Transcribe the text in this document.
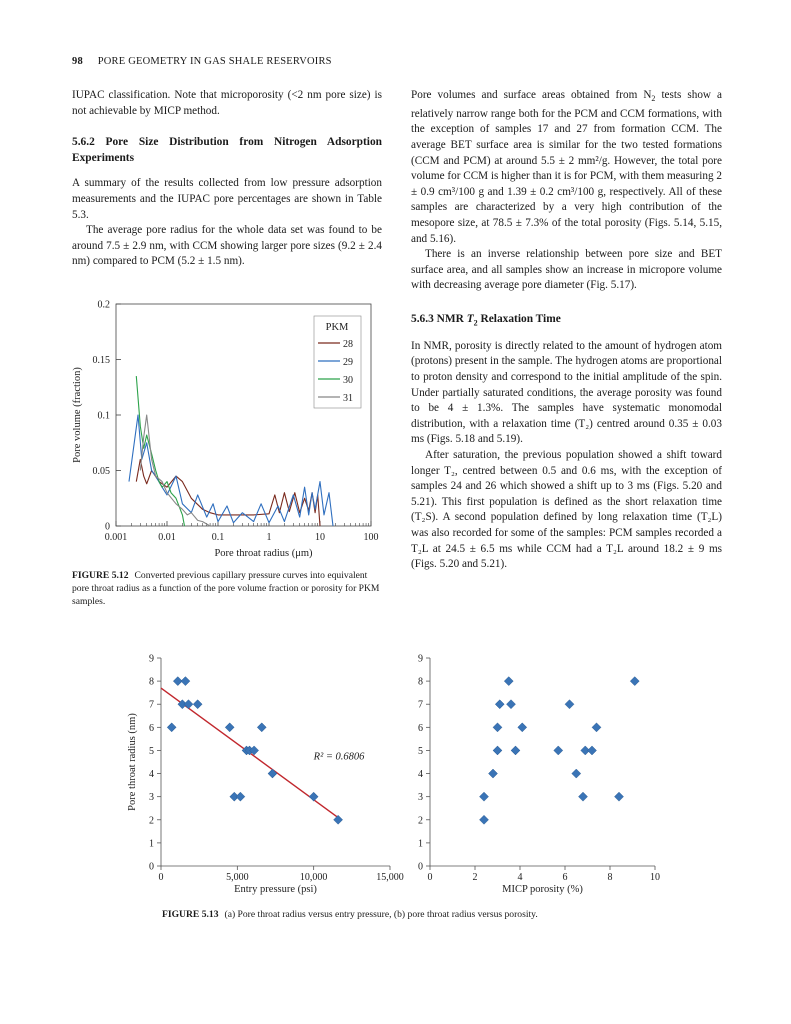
98 PORE GEOMETRY IN GAS SHALE RESERVOIRS

IUPAC classification. Note that microporosity (<2 nm pore size) is not achievable by MICP method.

5.6.2 Pore Size Distribution from Nitrogen Adsorption Experiments

A summary of the results collected from low pressure adsorption measurements and the IUPAC pore percentages are shown in Table 5.3.

The average pore radius for the whole data set was found to be around 7.5 ± 2.9 nm, with CCM showing larger pore sizes (9.2 ± 2.4 nm) compared to PCM (5.2 ± 1.5 nm).

Pore volumes and surface areas obtained from $N_2$ tests show a relatively narrow range both for the PCM and CCM formations, with the exception of samples 17 and 27 from formation CCM. The average BET surface area is similar for the two tested formations (CCM and PCM) at around 5.5 ± 2 mm²/g. However, the total pore volume for CCM is higher than it is for PCM, with them measuring 2 ± 0.9 cm³/100 g and 1.39 ± 0.2 cm³/100 g, respectively. All of these samples are characterized by a very high contribution of the mesopore size, at 78.5 ± 7.3% of the total porosity (Figs. 5.14, 5.15, and 5.16).

There is an inverse relationship between pore size and BET surface area, and all samples show an increase in micropore volume with decreasing average pore diameter (Fig. 5.17).

5.6.3 NMR $T_2$ Relaxation Time

In NMR, porosity is directly related to the amount of hydrogen atom (protons) present in the sample. The hydrogen atoms are proportional to proton density and correspond to the initial amplitude of the spin. Under partially saturated conditions, the average porosity was found to be 4 ± 1.3%. The samples have systematic monomodal distribution, with a relaxation time (T₂) centred around 0.35 ± 0.03 ms (Figs. 5.18 and 5.19).

After saturation, the previous population showed a shift toward longer T₂, centred between 0.5 and 0.6 ms, with the exception of samples 24 and 26 which showed a shift up to 3 ms (Figs. 5.20 and 5.21). This first population is defined as the short relaxation time (T₂S). A second population defined by long relaxation time (T₂L) was also recorded for some of the samples: PCM samples recorded a T₂L at 24.5 ± 6.5 ms while CCM had a T₂L around 18.2 ± 9 ms (Figs. 5.20 and 5.21).

0.001	0.01	0.1	1	10	100
0
0.05
0.1
0.15
0.2
Pore throat radius (μm)
Pore volume (fraction)
PKM
28
29
30
31
FIGURE 5.12 Converted previous capillary pressure curves into equivalent pore throat radius as a function of the pore volume fraction or porosity for PKM samples.
0
1
2
3
4
5
6
7
8
9
0	5,000	10,000	15,000
Entry pressure (psi)
Pore throat radius (nm)	R² = 0.6806
0
1
2
3
4
5
6
7
8
9
0	2	4	6	8	10
MICP porosity (%)
FIGURE 5.13 (a) Pore throat radius versus entry pressure, (b) pore throat radius versus porosity.
